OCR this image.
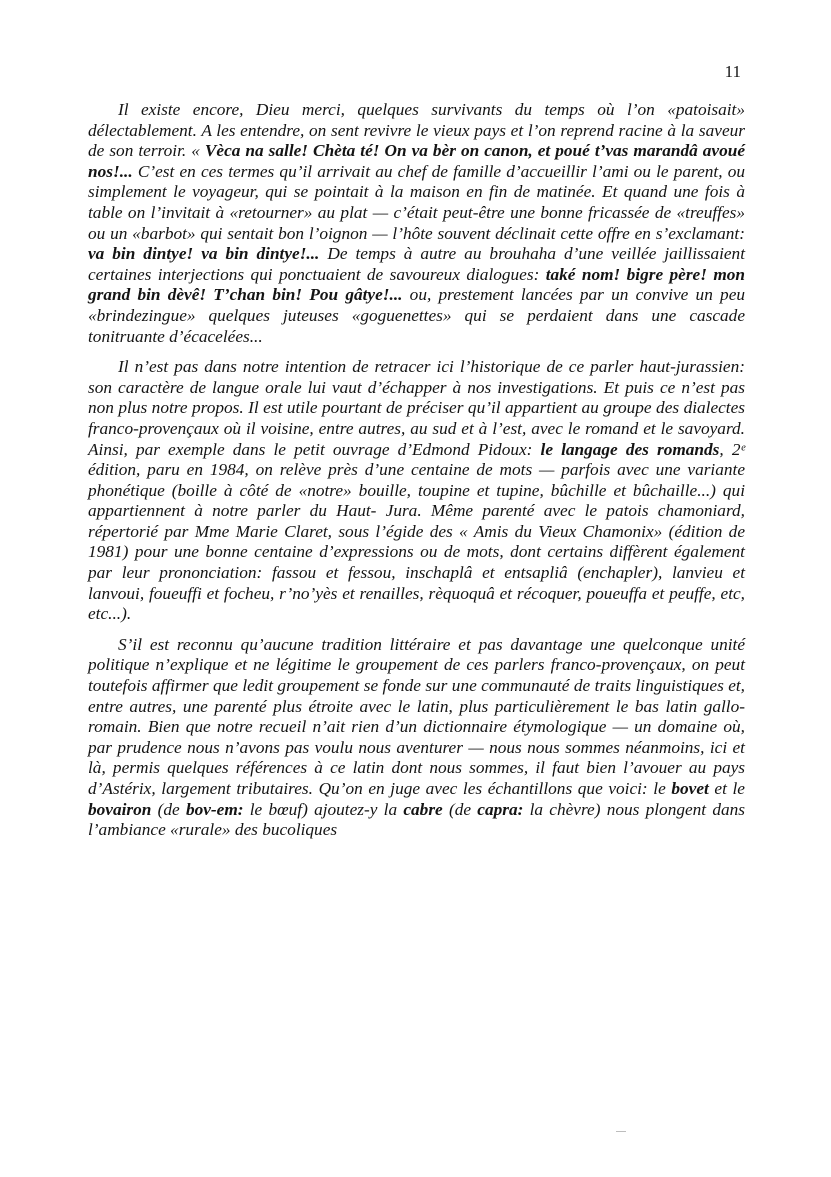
11

Il existe encore, Dieu merci, quelques survivants du temps où l’on «patoisait» délectablement. A les entendre, on sent revivre le vieux pays et l’on reprend racine à la saveur de son terroir. « Vèca na salle! Chèta té! On va bèr on canon, et poué t’vas marandâ avoué nos!... C’est en ces termes qu’il arrivait au chef de famille d’accueillir l’ami ou le parent, ou simplement le voyageur, qui se pointait à la maison en fin de matinée. Et quand une fois à table on l’invitait à «retourner» au plat — c’était peut-être une bonne fricassée de «treuffes» ou un «barbot» qui sentait bon l’oignon — l’hôte souvent déclinait cette offre en s’exclamant: va bin dintye! va bin dintye!... De temps à autre au brouhaha d’une veillée jaillissaient certaines interjections qui ponctuaient de savoureux dialogues: také nom! bigre père! mon grand bin dèvê! T’chan bin! Pou gâtye!... ou, prestement lancées par un convive un peu «brindezingue» quelques juteuses «goguenettes» qui se perdaient dans une cascade tonitruante d’écacelées...

Il n’est pas dans notre intention de retracer ici l’historique de ce parler haut-jurassien: son caractère de langue orale lui vaut d’échapper à nos investigations. Et puis ce n’est pas non plus notre propos. Il est utile pourtant de préciser qu’il appartient au groupe des dialectes franco-provençaux où il voisine, entre autres, au sud et à l’est, avec le romand et le savoyard. Ainsi, par exemple dans le petit ouvrage d’Edmond Pidoux: le langage des romands, 2ᵉ édition, paru en 1984, on relève près d’une centaine de mots — parfois avec une variante phonétique (boille à côté de «notre» bouille, toupine et tupine, bûchille et bûchaille...) qui appartiennent à notre parler du Haut- Jura. Même parenté avec le patois chamoniard, répertorié par Mme Marie Claret, sous l’égide des « Amis du Vieux Chamonix» (édition de 1981) pour une bonne centaine d’expressions ou de mots, dont certains diffèrent également par leur prononciation: fassou et fessou, inschaplâ et entsapliâ (enchapler), lanvieu et lanvoui, foueuffi et focheu, r’no’yès et renailles, rèquoquâ et récoquer, poueuffa et peuffe, etc, etc...).

S’il est reconnu qu’aucune tradition littéraire et pas davantage une quelconque unité politique n’explique et ne légitime le groupement de ces parlers franco-provençaux, on peut toutefois affirmer que ledit groupement se fonde sur une communauté de traits linguistiques et, entre autres, une parenté plus étroite avec le latin, plus particulièrement le bas latin gallo-romain. Bien que notre recueil n’ait rien d’un dictionnaire étymologique — un domaine où, par prudence nous n’avons pas voulu nous aventurer — nous nous sommes néanmoins, ici et là, permis quelques références à ce latin dont nous sommes, il faut bien l’avouer au pays d’Astérix, largement tributaires. Qu’on en juge avec les échantillons que voici: le bovet et le bovairon (de bov-em: le bœuf) ajoutez-y la cabre (de capra: la chèvre) nous plongent dans l’ambiance «rurale» des bucoliques
